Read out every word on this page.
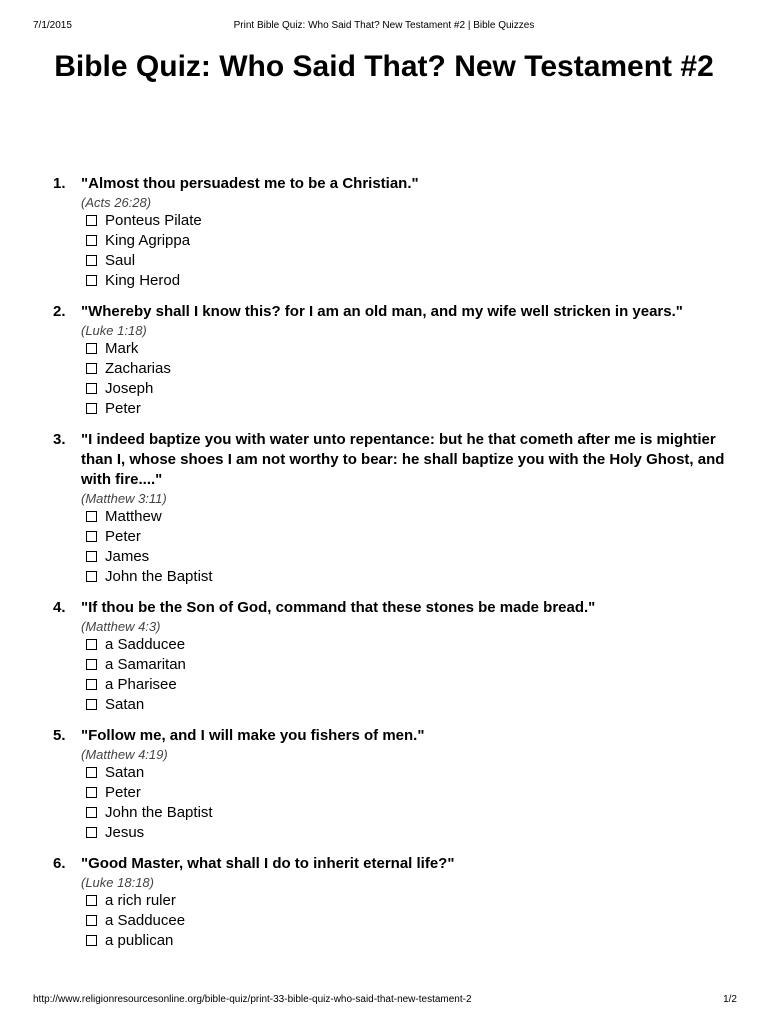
7/1/2015	Print Bible Quiz: Who Said That? New Testament #2 | Bible Quizzes
Bible Quiz: Who Said That? New Testament #2
1. "Almost thou persuadest me to be a Christian."
(Acts 26:28)
Ponteus Pilate
King Agrippa
Saul
King Herod
2. "Whereby shall I know this? for I am an old man, and my wife well stricken in years."
(Luke 1:18)
Mark
Zacharias
Joseph
Peter
3. "I indeed baptize you with water unto repentance: but he that cometh after me is mightier than I, whose shoes I am not worthy to bear: he shall baptize you with the Holy Ghost, and with fire...."
(Matthew 3:11)
Matthew
Peter
James
John the Baptist
4. "If thou be the Son of God, command that these stones be made bread."
(Matthew 4:3)
a Sadducee
a Samaritan
a Pharisee
Satan
5. "Follow me, and I will make you fishers of men."
(Matthew 4:19)
Satan
Peter
John the Baptist
Jesus
6. "Good Master, what shall I do to inherit eternal life?"
(Luke 18:18)
a rich ruler
a Sadducee
a publican
http://www.religionresourcesonline.org/bible-quiz/print-33-bible-quiz-who-said-that-new-testament-2	1/2
